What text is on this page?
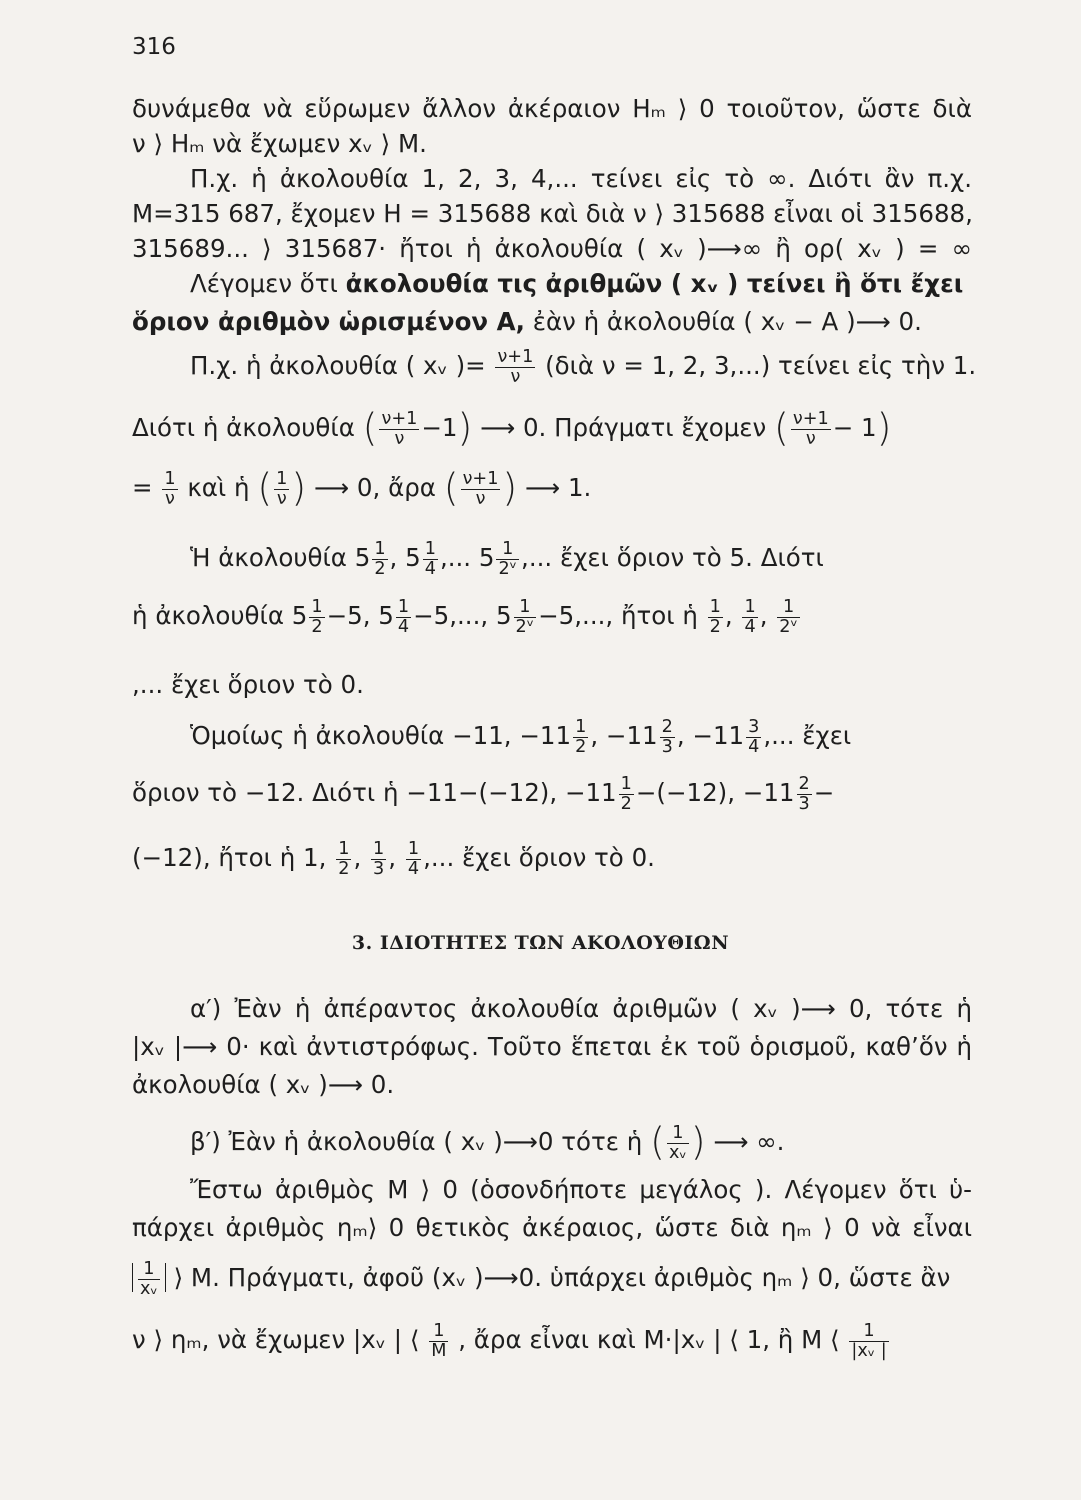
316
δυνάμεθα νὰ εὕρωμεν ἄλλον ἀκέραιον Ηₘ ⟩ 0 τοιοῦτον, ὥστε διὰ
ν ⟩ Ηₘ νὰ ἔχωμεν xᵥ ⟩ Μ.
Π.χ. ἡ ἀκολουθία 1, 2, 3, 4,... τείνει εἰς τὸ ∞. Διότι ἂν π.χ.
Μ=315 687, ἔχομεν Η = 315688 καὶ διὰ ν ⟩ 315688 εἶναι οἱ 315688,
315689... ⟩ 315687· ἤτοι ἡ ἀκολουθία ( xᵥ )⟶∞ ἢ ορ( xᵥ ) = ∞
Λέγομεν ὅτι ἀκολουθία τις ἀριθμῶν ( xᵥ ) τείνει ἢ ὅτι ἔχει
ὅριον ἀριθμὸν ὡρισμένον Α, ἐὰν ἡ ἀκολουθία ( xᵥ − Α )⟶ 0.
Π.χ. ἡ ἀκολουθία ( xᵥ )= $\frac{\nu+1}{\nu}$ (διὰ ν = 1, 2, 3,...) τείνει εἰς τὴν 1.
Διότι ἡ ἀκολουθία ( $\frac{\nu+1}{\nu} -1$) ⟶ 0. Πράγματι ἔχομεν ( $\frac{\nu+1}{\nu} - 1$)
= $\frac{1}{\nu}$ καὶ ἡ ( $\frac{1}{\nu}$ ) ⟶ 0, ἄρα ( $\frac{\nu+1}{\nu}$ ) ⟶ 1.
Ἡ ἀκολουθία $5 \frac{1}{2}$ , $5 \frac{1}{4}$ ,... $5 \frac{1}{\text{2ᵛ}}$ ,... ἔχει ὅριον τὸ 5. Διότι
ἡ ἀκολουθία $5 \frac{1}{2} -5$, $5 \frac{1}{4} -5$,..., $5 \frac{1}{\text{2ᵛ}} -5$,..., ἤτοι ἡ $\frac{1}{2}$ , $\frac{1}{4}$ , $\frac{1}{\text{2ᵛ}}$
,... ἔχει ὅριον τὸ 0.
Ὁμοίως ἡ ἀκολουθία −11, $-11 \frac{1}{2}$ , $-11 \frac{2}{3}$ , $-11 \frac{3}{4}$ ,... ἔχει
ὅριον τὸ −12. Διότι ἡ −11−(−12), $-11 \frac{1}{2} -(-12)$, $-11 \frac{2}{3}$ −
(−12), ἤτοι ἡ 1, $\frac{1}{2}$ , $\frac{1}{3}$ , $\frac{1}{4}$ ,... ἔχει ὅριον τὸ 0.
3. ΙΔΙΟΤΗΤΕΣ ΤΩΝ ΑΚΟΛΟΥΘΙΩΝ
α′) Ἐὰν ἡ ἀπέραντος ἀκολουθία ἀριθμῶν ( xᵥ )⟶ 0, τότε ἡ
|xᵥ |⟶ 0· καὶ ἀντιστρόφως. Τοῦτο ἕπεται ἐκ τοῦ ὁρισμοῦ, καθ’ὅν ἡ
ἀκολουθία ( xᵥ )⟶ 0.
β′) Ἐὰν ἡ ἀκολουθία ( xᵥ )⟶0 τότε ἡ ( $\frac{1}{\text{xᵥ}}$ ) ⟶ ∞.
Ἔστω ἀριθμὸς Μ ⟩ 0 (ὁσονδήποτε μεγάλος ). Λέγομεν ὅτι ὑ-
πάρχει ἀριθμὸς ηₘ⟩ 0 θετικὸς ἀκέραιος, ὥστε διὰ ηₘ ⟩ 0 νὰ εἶναι
$\frac{1}{\text{xᵥ}}$ ⟩ Μ. Πράγματι, ἀφοῦ (xᵥ )⟶0. ὑπάρχει ἀριθμὸς ηₘ ⟩ 0, ὥστε ἂν
ν ⟩ ηₘ, νὰ ἔχωμεν |xᵥ | ⟨ $\frac{1}{M}$ , ἄρα εἶναι καὶ Μ·|xᵥ | ⟨ 1, ἢ Μ ⟨ $\frac{1}{\text{|xᵥ |}}$
